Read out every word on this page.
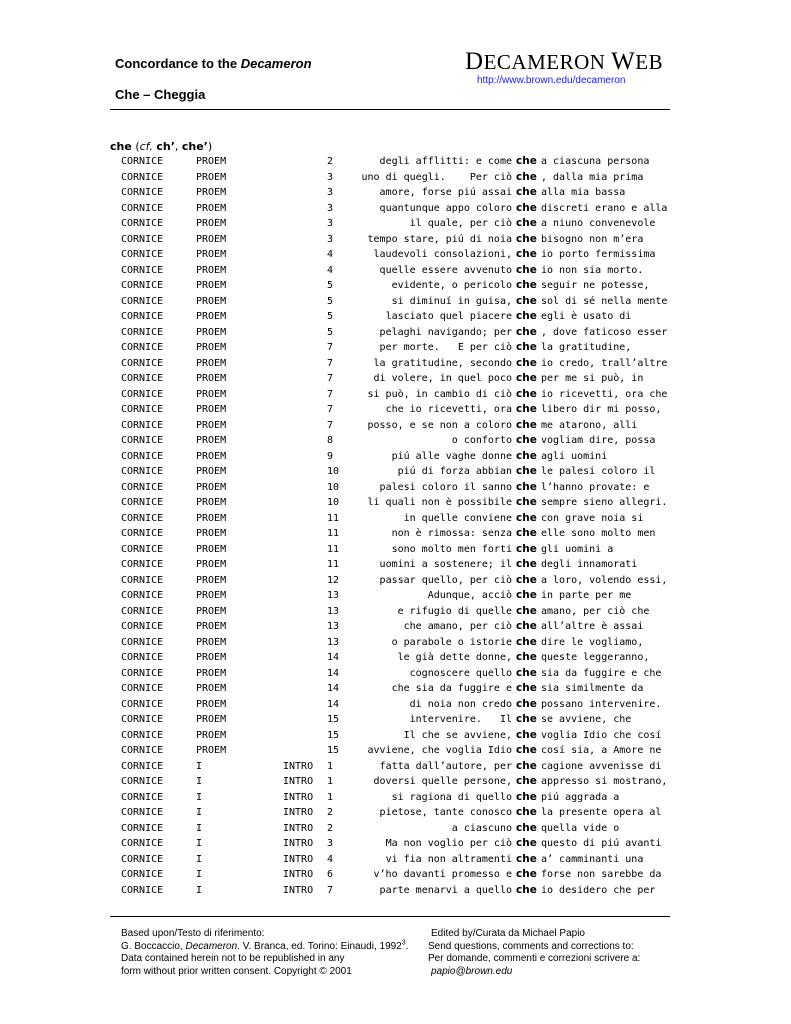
Concordance to the Decameron
Che – Cheggia
DECAMERON WEB
http://www.brown.edu/decameron
che (cf. ch’, che’)
CORNICE	PROEM	2	degli afflitti: e come che a ciascuna persona
CORNICE	PROEM	3	uno di quegli.    Per ciò che , dalla mia prima
CORNICE	PROEM	3	amore, forse piú assai che alla mia bassa
CORNICE	PROEM	3	quantunque appo coloro che discreti erano e alla
CORNICE	PROEM	3	il quale, per ciò che a niuno convenevole
CORNICE	PROEM	3	tempo stare, piú di noia che bisogno non m’era
CORNICE	PROEM	4	laudevoli consolazioni, che io porto fermissima
CORNICE	PROEM	4	quelle essere avvenuto che io non sia morto.
CORNICE	PROEM	5	evidente, o pericolo che seguir ne potesse,
CORNICE	PROEM	5	si diminuí in guisa, che sol di sé nella mente
CORNICE	PROEM	5	lasciato quel piacere che egli è usato di
CORNICE	PROEM	5	pelaghi navigando; per che , dove faticoso esser
CORNICE	PROEM	7	per morte.   E per ciò che la gratitudine,
CORNICE	PROEM	7	la gratitudine, secondo che io credo, trall’altre
CORNICE	PROEM	7	di volere, in quel poco che per me si può, in
CORNICE	PROEM	7	si può, in cambio di ciò che io ricevetti, ora che
CORNICE	PROEM	7	che io ricevetti, ora che libero dir mi posso,
CORNICE	PROEM	7	posso, e se non a coloro che me atarono, alli
CORNICE	PROEM	8	o conforto che vogliam dire, possa
CORNICE	PROEM	9	piú alle vaghe donne che agli uomini
CORNICE	PROEM	10	piú di forza abbian che le palesi coloro il
CORNICE	PROEM	10	palesi coloro il sanno che l’hanno provate: e
CORNICE	PROEM	10	li quali non è possibile che sempre sieno allegri.
CORNICE	PROEM	11	in quelle conviene che con grave noia si
CORNICE	PROEM	11	non è rimossa: senza che elle sono molto men
CORNICE	PROEM	11	sono molto men forti che gli uomini a
CORNICE	PROEM	11	uomini a sostenere; il che degli innamorati
CORNICE	PROEM	12	passar quello, per ciò che a loro, volendo essi,
CORNICE	PROEM	13	Adunque, acciò che in parte per me
CORNICE	PROEM	13	e rifugio di quelle che amano, per ciò che
CORNICE	PROEM	13	che amano, per ciò che all’altre è assai
CORNICE	PROEM	13	o parabole o istorie che dire le vogliamo,
CORNICE	PROEM	14	le già dette donne, che queste leggeranno,
CORNICE	PROEM	14	cognoscere quello che sia da fuggire e che
CORNICE	PROEM	14	che sia da fuggire e che sia similmente da
CORNICE	PROEM	14	di noia non credo che possano intervenire.
CORNICE	PROEM	15	intervenire.   Il che se avviene, che
CORNICE	PROEM	15	Il che se avviene, che voglia Idio che cosí
CORNICE	PROEM	15	avviene, che voglia Idio che cosí sia, a Amore ne
CORNICE	I	INTRO 1	fatta dall’autore, per che cagione avvenisse di
CORNICE	I	INTRO 1	doversi quelle persone, che appresso si mostrano,
CORNICE	I	INTRO 1	si ragiona di quello che piú aggrada a
CORNICE	I	INTRO 2	pietose, tante conosco che la presente opera al
CORNICE	I	INTRO 2	a ciascuno che quella vide o
CORNICE	I	INTRO 3	Ma non voglio per ciò che questo di piú avanti
CORNICE	I	INTRO 4	vi fia non altramenti che a’ camminanti una
CORNICE	I	INTRO 6	v’ho davanti promesso e che forse non sarebbe da
CORNICE	I	INTRO 7	parte menarvi a quello che io desidero che per
Based upon/Testo di riferimento:
G. Boccaccio, Decameron. V. Branca, ed. Torino: Einaudi, 1992$^3$.
Data contained herein not to be republished in any
form without prior written consent. Copyright © 2001
Edited by/Curata da Michael Papio
Send questions, comments and corrections to:
Per domande, commenti e correzioni scrivere a:
papio@brown.edu
